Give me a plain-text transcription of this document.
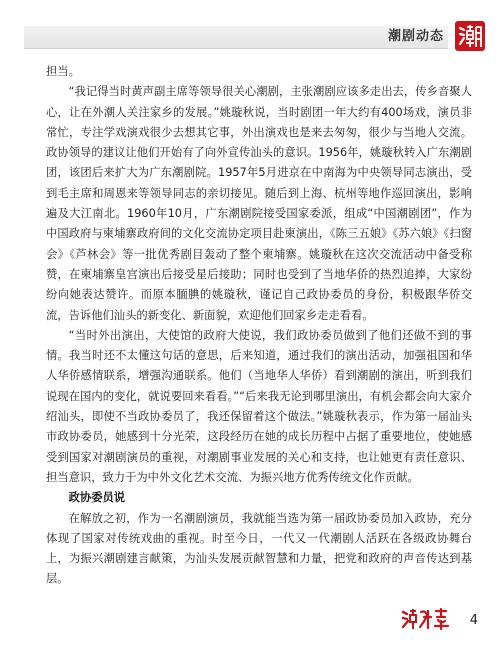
潮剧动态

担当。

“我记得当时黄声副主席等领导很关心潮剧，主张潮剧应该多走出去，传乡音聚人心，让在外潮人关注家乡的发展。”姚璇秋说，当时剧团一年大约有400场戏，演员非常忙，专注学戏演戏很少去想其它事，外出演戏也是来去匆匆，很少与当地人交流。政协领导的建议让他们开始有了向外宣传汕头的意识。1956年，姚璇秋转入广东潮剧团，该团后来扩大为广东潮剧院。1957年5月进京在中南海为中央领导同志演出，受到毛主席和周恩来等领导同志的亲切接见。随后到上海、杭州等地作巡回演出，影响遍及大江南北。1960年10月，广东潮剧院接受国家委派，组成“中国潮剧团”，作为中国政府与柬埔寨政府间的文化交流协定项目赴柬演出，《陈三五娘》《苏六娘》《扫窗会》《芦林会》等一批优秀剧目轰动了整个柬埔寨。姚璇秋在这次交流活动中备受称赞，在柬埔寨皇宫演出后接受星后接助；同时也受到了当地华侨的热烈追捧，大家纷纷向她表达赞许。而原本腼腆的姚璇秋，谨记自己政协委员的身份，积极跟华侨交流，告诉他们汕头的新变化、新面貌，欢迎他们回家乡走走看看。

“当时外出演出，大使馆的政府大使说，我们政协委员做到了他们还做不到的事情。我当时还不太懂这句话的意思，后来知道，通过我们的演出活动，加强祖国和华人华侨感情联系，增强沟通联系。他们（当地华人华侨）看到潮剧的演出，听到我们说现在国内的变化，就说要回来看看。”“后来我无论到哪里演出，有机会都会向大家介绍汕头，即使不当政协委员了，我还保留着这个做法。”姚璇秋表示，作为第一届汕头市政协委员，她感到十分光荣，这段经历在她的成长历程中占据了重要地位，使她感受到国家对潮剧演员的重视，对潮剧事业发展的关心和支持，也让她更有责任意识、担当意识，致力于为中外文化艺术交流、为振兴地方优秀传统文化作贡献。

政协委员说

在解放之初，作为一名潮剧演员，我就能当选为第一届政协委员加入政协，充分体现了国家对传统戏曲的重视。时至今日，一代又一代潮剧人活跃在各级政协舞台上，为振兴潮剧建言献策，为汕头发展贡献智慧和力量，把党和政府的声音传达到基层。

4
